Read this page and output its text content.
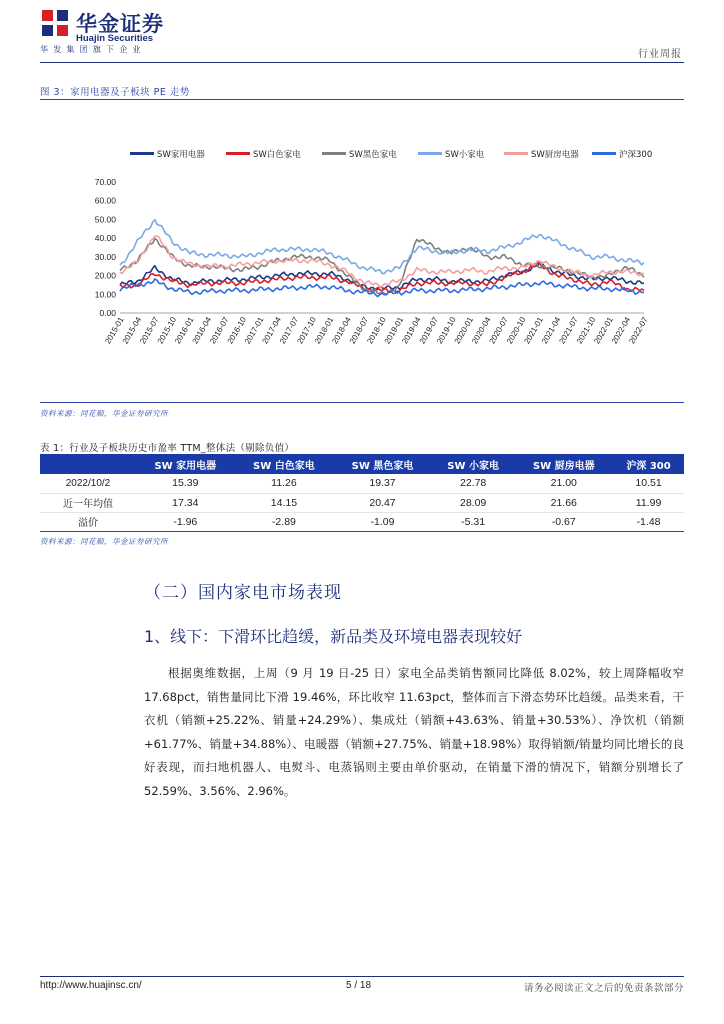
华金证券
Huajin Securities
华发集团旗下企业	行业周报
图 3：家用电器及子板块 PE 走势
SW家用电器	SW白色家电	SW黑色家电	SW小家电	SW厨房电器	沪深300
70.00
60.00
50.00
40.00
30.00
20.00
10.00
0.00
2015-01
2015-04
2015-07
2015-10
2016-01
2016-04
2016-07
2016-10
2017-01
2017-04
2017-07
2017-10
2018-01
2018-04
2018-07
2018-10
2019-01
2019-04
2019-07
2019-10
2020-01
2020-04
2020-07
2020-10
2021-01
2021-04
2021-07
2021-10
2022-01
2022-04
2022-07
资料来源：同花顺，华金证券研究所
表 1：行业及子板块历史市盈率 TTM_整体法（剔除负值）
	SW 家用电器	SW 白色家电	SW 黑色家电	SW 小家电	SW 厨房电器	沪深 300
2022/10/2	15.39	11.26	19.37	22.78	21.00	10.51
近一年均值	17.34	14.15	20.47	28.09	21.66	11.99
溢价	-1.96	-2.89	-1.09	-5.31	-0.67	-1.48
资料来源：同花顺，华金证券研究所
（二）国内家电市场表现
1、线下：下滑环比趋缓，新品类及环境电器表现较好
根据奥维数据，上周（9 月 19 日-25 日）家电全品类销售额同比降低 8.02%，较上周降幅收窄 17.68pct，销售量同比下滑 19.46%，环比收窄 11.63pct，整体而言下滑态势环比趋缓。品类来看，干衣机（销额+25.22%、销量+24.29%）、集成灶（销额+43.63%、销量+30.53%）、净饮机（销额+61.77%、销量+34.88%）、电暖器（销额+27.75%、销量+18.98%）取得销额/销量均同比增长的良好表现，而扫地机器人、电熨斗、电蒸锅则主要由单价驱动，在销量下滑的情况下，销额分别增长了 52.59%、3.56%、2.96%。
http://www.huajinsc.cn/	5 / 18	请务必阅读正文之后的免责条款部分
